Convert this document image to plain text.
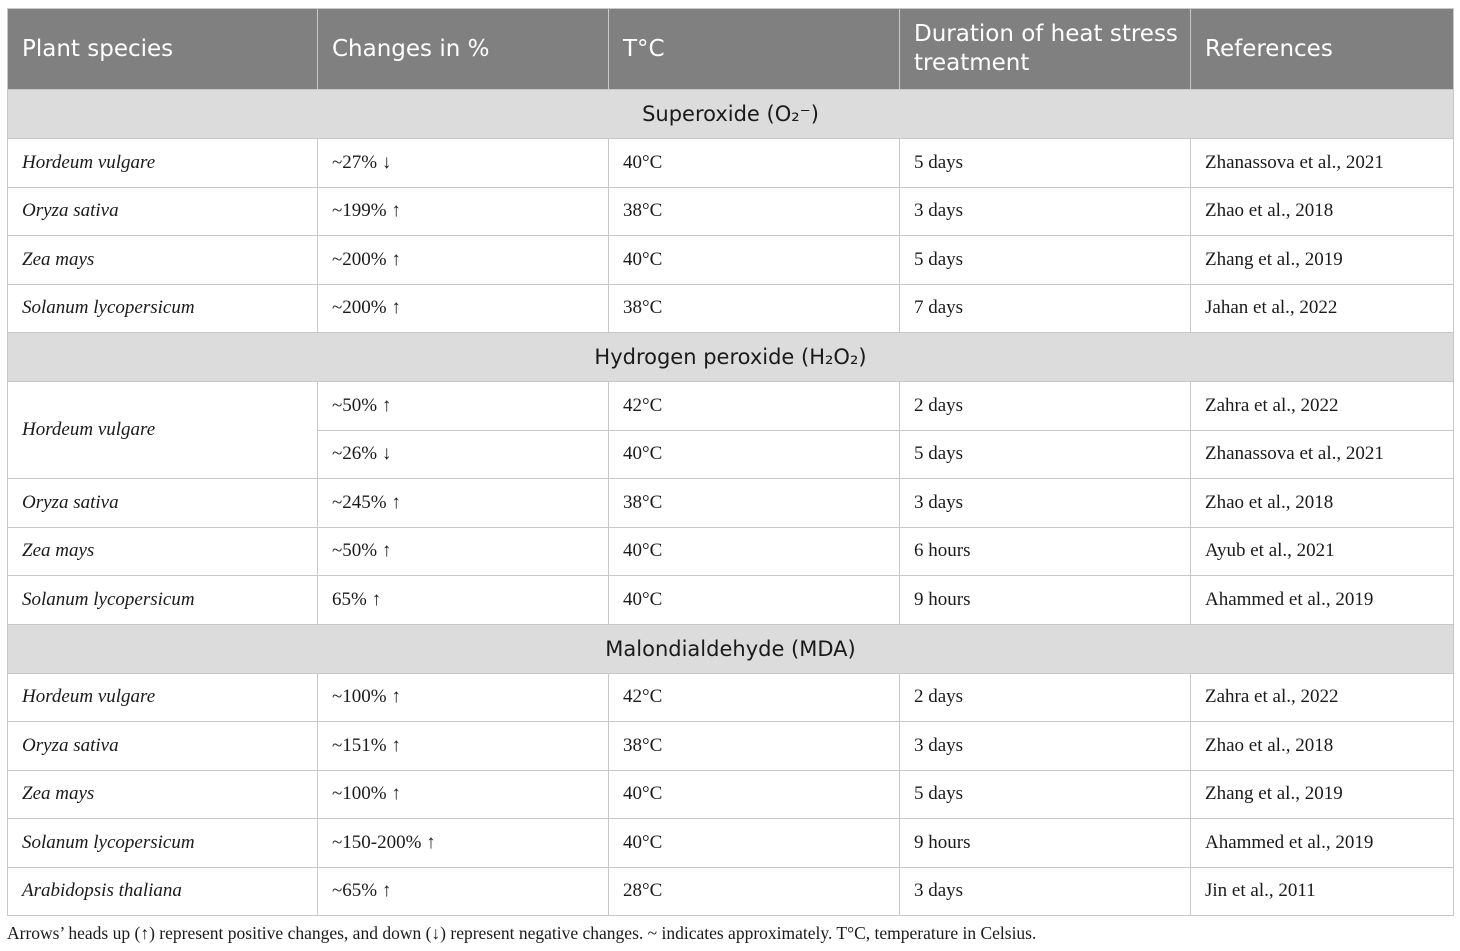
Plant species	Changes in %	T°C	Duration of heat stress treatment	References
Superoxide (O₂⁻)				
Hordeum vulgare	~27% ↓	40°C	5 days	Zhanassova et al., 2021
Oryza sativa	~199% ↑	38°C	3 days	Zhao et al., 2018
Zea mays	~200% ↑	40°C	5 days	Zhang et al., 2019
Solanum lycopersicum	~200% ↑	38°C	7 days	Jahan et al., 2022
Hydrogen peroxide (H₂O₂)				
Hordeum vulgare	~50% ↑	42°C	2 days	Zahra et al., 2022
	~26% ↓	40°C	5 days	Zhanassova et al., 2021
Oryza sativa	~245% ↑	38°C	3 days	Zhao et al., 2018
Zea mays	~50% ↑	40°C	6 hours	Ayub et al., 2021
Solanum lycopersicum	65% ↑	40°C	9 hours	Ahammed et al., 2019
Malondialdehyde (MDA)				
Hordeum vulgare	~100% ↑	42°C	2 days	Zahra et al., 2022
Oryza sativa	~151% ↑	38°C	3 days	Zhao et al., 2018
Zea mays	~100% ↑	40°C	5 days	Zhang et al., 2019
Solanum lycopersicum	~150-200% ↑	40°C	9 hours	Ahammed et al., 2019
Arabidopsis thaliana	~65% ↑	28°C	3 days	Jin et al., 2011
Arrows’ heads up (↑) represent positive changes, and down (↓) represent negative changes. ~ indicates approximately. T°C, temperature in Celsius.
